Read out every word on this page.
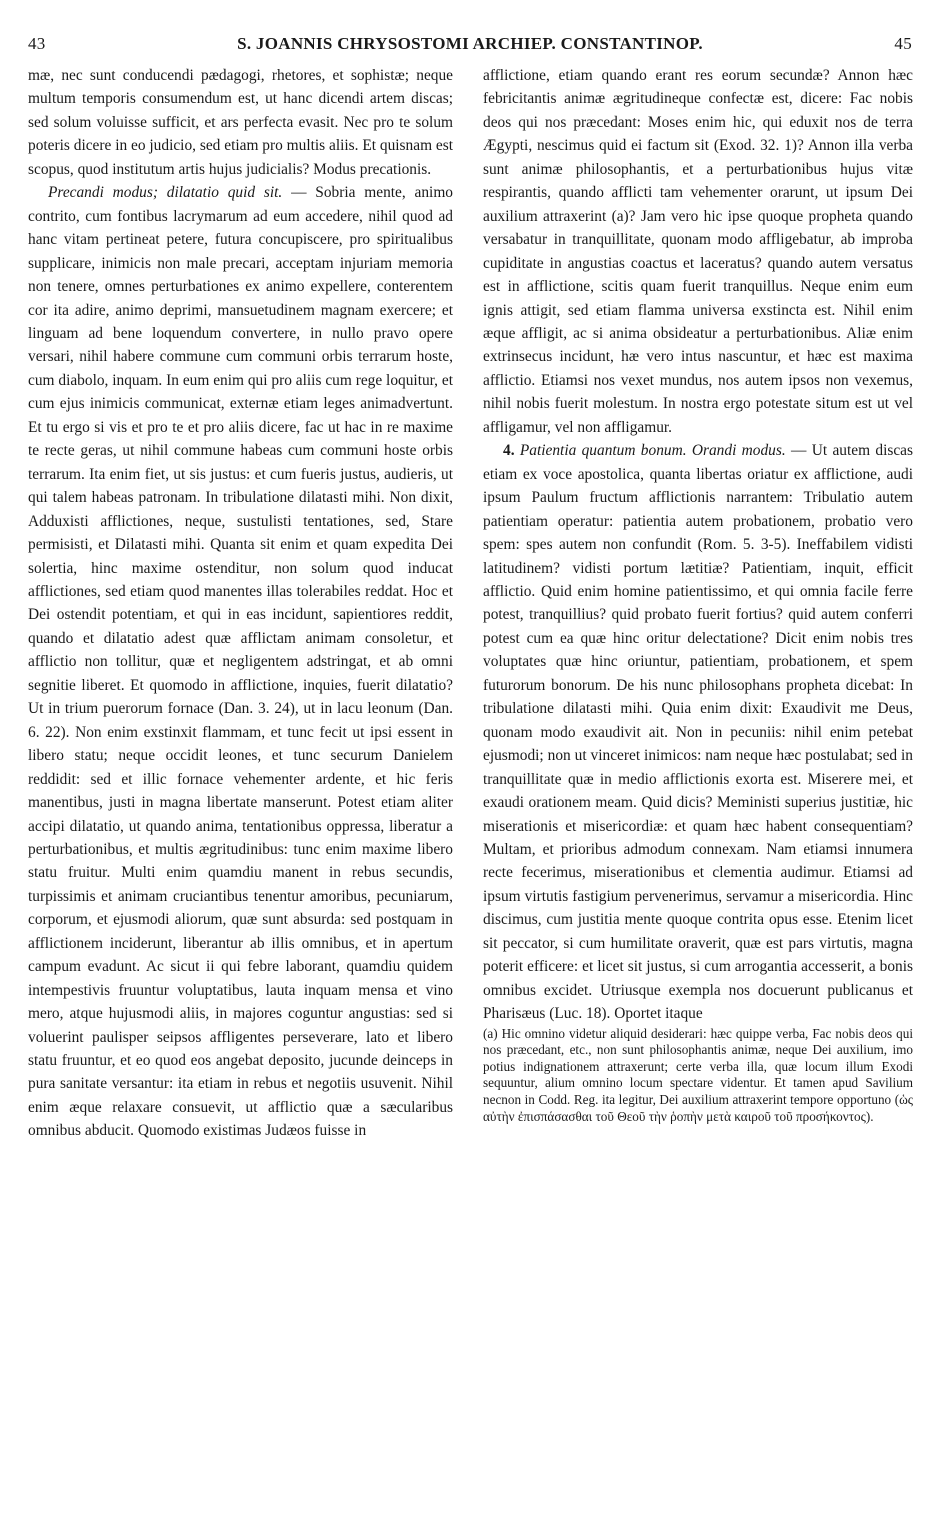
43	S. JOANNIS CHRYSOSTOMI ARCHIEP. CONSTANTINOP.	45

mæ, nec sunt conducendi pædagogi, rhetores, et sophistæ; neque multum temporis consumendum est, ut hanc dicendi artem discas; sed solum voluisse sufficit, et ars perfecta evasit. Nec pro te solum poteris dicere in eo judicio, sed etiam pro multis aliis. Et quisnam est scopus, quod institutum artis hujus judicialis? Modus precationis.

Precandi modus; dilatatio quid sit. — Sobria mente, animo contrito, cum fontibus lacrymarum ad eum accedere, nihil quod ad hanc vitam pertineat petere, futura concupiscere, pro spiritualibus supplicare, inimicis non male precari, acceptam injuriam memoria non tenere, omnes perturbationes ex animo expellere, conterentem cor ita adire, animo deprimi, mansuetudinem magnam exercere; et linguam ad bene loquendum convertere, in nullo pravo opere versari, nihil habere commune cum communi orbis terrarum hoste, cum diabolo, inquam. In eum enim qui pro aliis cum rege loquitur, et cum ejus inimicis communicat, externæ etiam leges animadvertunt. Et tu ergo si vis et pro te et pro aliis dicere, fac ut hac in re maxime te recte geras, ut nihil commune habeas cum communi hoste orbis terrarum. Ita enim fiet, ut sis justus: et cum fueris justus, audieris, ut qui talem habeas patronam. In tribulatione dilatasti mihi. Non dixit, Adduxisti afflictiones, neque, sustulisti tentationes, sed, Stare permisisti, et Dilatasti mihi. Quanta sit enim et quam expedita Dei solertia, hinc maxime ostenditur, non solum quod inducat afflictiones, sed etiam quod manentes illas tolerabiles reddat. Hoc et Dei ostendit potentiam, et qui in eas incidunt, sapientiores reddit, quando et dilatatio adest quæ afflictam animam consoletur, et afflictio non tollitur, quæ et negligentem adstringat, et ab omni segnitie liberet. Et quomodo in afflictione, inquies, fuerit dilatatio? Ut in trium puerorum fornace (Dan. 3. 24), ut in lacu leonum (Dan. 6. 22). Non enim exstinxit flammam, et tunc fecit ut ipsi essent in libero statu; neque occidit leones, et tunc securum Danielem reddidit: sed et illic fornace vehementer ardente, et hic feris manentibus, justi in magna libertate manserunt. Potest etiam aliter accipi dilatatio, ut quando anima, tentationibus oppressa, liberatur a perturbationibus, et multis ægritudinibus: tunc enim maxime libero statu fruitur. Multi enim quamdiu manent in rebus secundis, turpissimis et animam cruciantibus tenentur amoribus, pecuniarum, corporum, et ejusmodi aliorum, quæ sunt absurda: sed postquam in afflictionem inciderunt, liberantur ab illis omnibus, et in apertum campum evadunt. Ac sicut ii qui febre laborant, quamdiu quidem intempestivis fruuntur voluptatibus, lauta inquam mensa et vino mero, atque hujusmodi aliis, in majores coguntur angustias: sed si voluerint paulisper seipsos affligentes perseverare, lato et libero statu fruuntur, et eo quod eos angebat deposito, jucunde deinceps in pura sanitate versantur: ita etiam in rebus et negotiis usuvenit. Nihil enim æque relaxare consuevit, ut afflictio quæ a sæcularibus omnibus abducit. Quomodo existimas Judæos fuisse in

afflictione, etiam quando erant res eorum secundæ? Annon hæc febricitantis animæ ægritudineque confectæ est, dicere: Fac nobis deos qui nos præcedant: Moses enim hic, qui eduxit nos de terra Ægypti, nescimus quid ei factum sit (Exod. 32. 1)? Annon illa verba sunt animæ philosophantis, et a perturbationibus hujus vitæ respirantis, quando afflicti tam vehementer orarunt, ut ipsum Dei auxilium attraxerint (a)? Jam vero hic ipse quoque propheta quando versabatur in tranquillitate, quonam modo affligebatur, ab improba cupiditate in angustias coactus et laceratus? quando autem versatus est in afflictione, scitis quam fuerit tranquillus. Neque enim eum ignis attigit, sed etiam flamma universa exstincta est. Nihil enim æque affligit, ac si anima obsideatur a perturbationibus. Aliæ enim extrinsecus incidunt, hæ vero intus nascuntur, et hæc est maxima afflictio. Etiamsi nos vexet mundus, nos autem ipsos non vexemus, nihil nobis fuerit molestum. In nostra ergo potestate situm est ut vel affligamur, vel non affligamur.

4. Patientia quantum bonum. Orandi modus. — Ut autem discas etiam ex voce apostolica, quanta libertas oriatur ex afflictione, audi ipsum Paulum fructum afflictionis narrantem: Tribulatio autem patientiam operatur: patientia autem probationem, probatio vero spem: spes autem non confundit (Rom. 5. 3-5). Ineffabilem vidisti latitudinem? vidisti portum lætitiæ? Patientiam, inquit, efficit afflictio. Quid enim homine patientissimo, et qui omnia facile ferre potest, tranquillius? quid probato fuerit fortius? quid autem conferri potest cum ea quæ hinc oritur delectatione? Dicit enim nobis tres voluptates quæ hinc oriuntur, patientiam, probationem, et spem futurorum bonorum. De his nunc philosophans propheta dicebat: In tribulatione dilatasti mihi. Quia enim dixit: Exaudivit me Deus, quonam modo exaudivit ait. Non in pecuniis: nihil enim petebat ejusmodi; non ut vinceret inimicos: nam neque hæc postulabat; sed in tranquillitate quæ in medio afflictionis exorta est. Miserere mei, et exaudi orationem meam. Quid dicis? Meministi superius justitiæ, hic miserationis et misericordiæ: et quam hæc habent consequentiam? Multam, et prioribus admodum connexam. Nam etiamsi innumera recte fecerimus, miserationibus et clementia audimur. Etiamsi ad ipsum virtutis fastigium pervenerimus, servamur a misericordia. Hinc discimus, cum justitia mente quoque contrita opus esse. Etenim licet sit peccator, si cum humilitate oraverit, quæ est pars virtutis, magna poterit efficere: et licet sit justus, si cum arrogantia accesserit, a bonis omnibus excidet. Utriusque exempla nos docuerunt publicanus et Pharisæus (Luc. 18). Oportet itaque

(a) Hic omnino videtur aliquid desiderari: hæc quippe verba, Fac nobis deos qui nos præcedant, etc., non sunt philosophantis animæ, neque Dei auxilium, imo potius indignationem attraxerunt; certe verba illa, quæ locum illum Exodi sequuntur, alium omnino locum spectare videntur. Et tamen apud Savilium necnon in Codd. Reg. ita legitur, Dei auxilium attraxerint tempore opportuno (ὡς αὐτὴν ἐπισπάσασθαι τοῦ Θεοῦ τὴν ῥοπὴν μετὰ καιροῦ τοῦ προσήκοντος).
